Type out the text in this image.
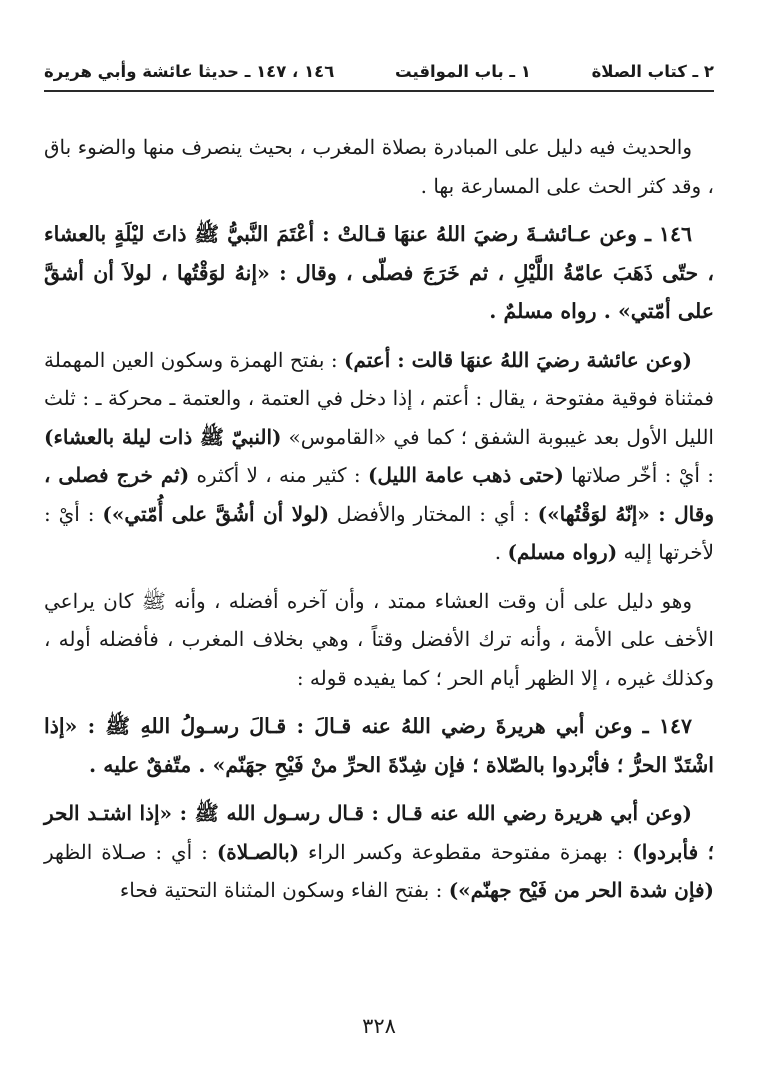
٢ ـ كتاب الصلاة
١ ـ باب المواقيت
١٤٦ ، ١٤٧ ـ حديثا عائشة وأبي هريرة

والحديث فيه دليل على المبادرة بصلاة المغرب ، بحيث ينصرف منها والضوء باق ، وقد كثر الحث على المسارعة بها .

١٤٦ ـ وعن عـائشـةَ رضيَ اللهُ عنهَا قـالتْ : أعْتَمَ النَّبيُّ ﷺ ذاتَ ليْلَةٍ بالعشاء ، حتّى ذَهَبَ عامّةُ اللَّيْلِ ، ثم خَرَجَ فصلّى ، وقال : «إنهُ لوَقْتُها ، لولاَ أن أشقَّ على أمّتي» . رواه مسلمٌ .

(وعن عائشة رضيَ اللهُ عنهَا قالت : أعتم) : بفتح الهمزة وسكون العين المهملة فمثناة فوقية مفتوحة ، يقال : أعتم ، إذا دخل في العتمة ، والعتمة ـ محركة ـ : ثلث الليل الأول بعد غيبوبة الشفق ؛ كما في «القاموس» (النبيّ ﷺ ذات ليلة بالعشاء) : أيْ : أخّر صلاتها (حتى ذهب عامة الليل) : كثير منه ، لا أكثره (ثم خرج فصلى ، وقال : «إنّهُ لوَقْتُها») : أي : المختار والأفضل (لولا أن أشُقَّ على أُمّتي») : أيْ : لأخرتها إليه (رواه مسلم) .

وهو دليل على أن وقت العشاء ممتد ، وأن آخره أفضله ، وأنه ﷺ كان يراعي الأخف على الأمة ، وأنه ترك الأفضل وقتاً ، وهي بخلاف المغرب ، فأفضله أوله ، وكذلك غيره ، إلا الظهر أيام الحر ؛ كما يفيده قوله :

١٤٧ ـ وعن أبي هريرةَ رضي اللهُ عنه قـالَ : قـالَ رسـولُ اللهِ ﷺ : «إذا اشْتَدّ الحرُّ ؛ فأبْردوا بالصّلاة ؛ فإن شِدّةَ الحرِّ منْ فَيْحِ جهَنّم» . متّفقٌ عليه .

(وعن أبي هريرة رضي الله عنه قـال : قـال رسـول الله ﷺ : «إذا اشتـد الحر ؛ فأبردوا) : بهمزة مفتوحة مقطوعة وكسر الراء (بالصـلاة) : أي : صـلاة الظهر (فإن شدة الحر من فَيْح جهنّم») : بفتح الفاء وسكون المثناة التحتية فحاء

٣٢٨
